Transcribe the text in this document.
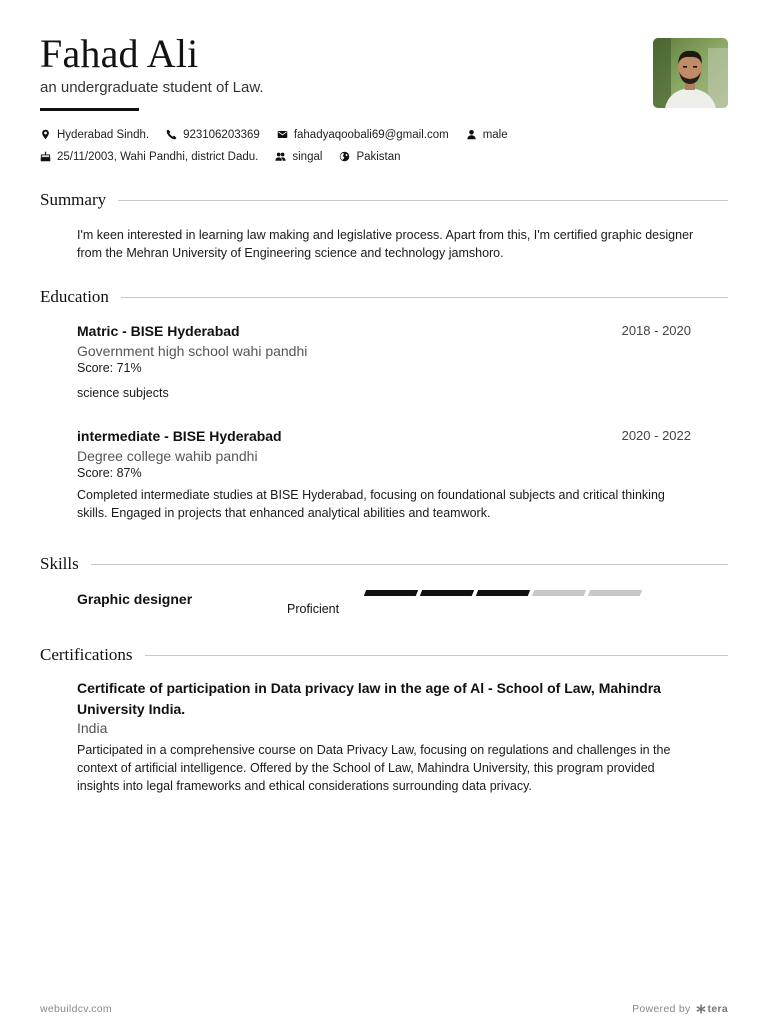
Fahad Ali
an undergraduate student of Law.
Hyderabad Sindh.	923106203369	fahadyaqoobali69@gmail.com	male
25/11/2003, Wahi Pandhi, district Dadu.	singal	Pakistan
Summary
I'm keen interested in learning law making and legislative process. Apart from this, I'm certified graphic designer from the Mehran University of Engineering science and technology jamshoro.
Education
Matric - BISE Hyderabad	2018 - 2020
Government high school wahi pandhi
Score: 71%
science subjects
intermediate - BISE Hyderabad	2020 - 2022
Degree college wahib pandhi
Score: 87%
Completed intermediate studies at BISE Hyderabad, focusing on foundational subjects and critical thinking skills. Engaged in projects that enhanced analytical abilities and teamwork.
Skills
Graphic designer
Proficient
Certifications
Certificate of participation in Data privacy law in the age of Al - School of Law, Mahindra University India.
India
Participated in a comprehensive course on Data Privacy Law, focusing on regulations and challenges in the context of artificial intelligence. Offered by the School of Law, Mahindra University, this program provided insights into legal frameworks and ethical considerations surrounding data privacy.
webuildcv.com	Powered by tera
